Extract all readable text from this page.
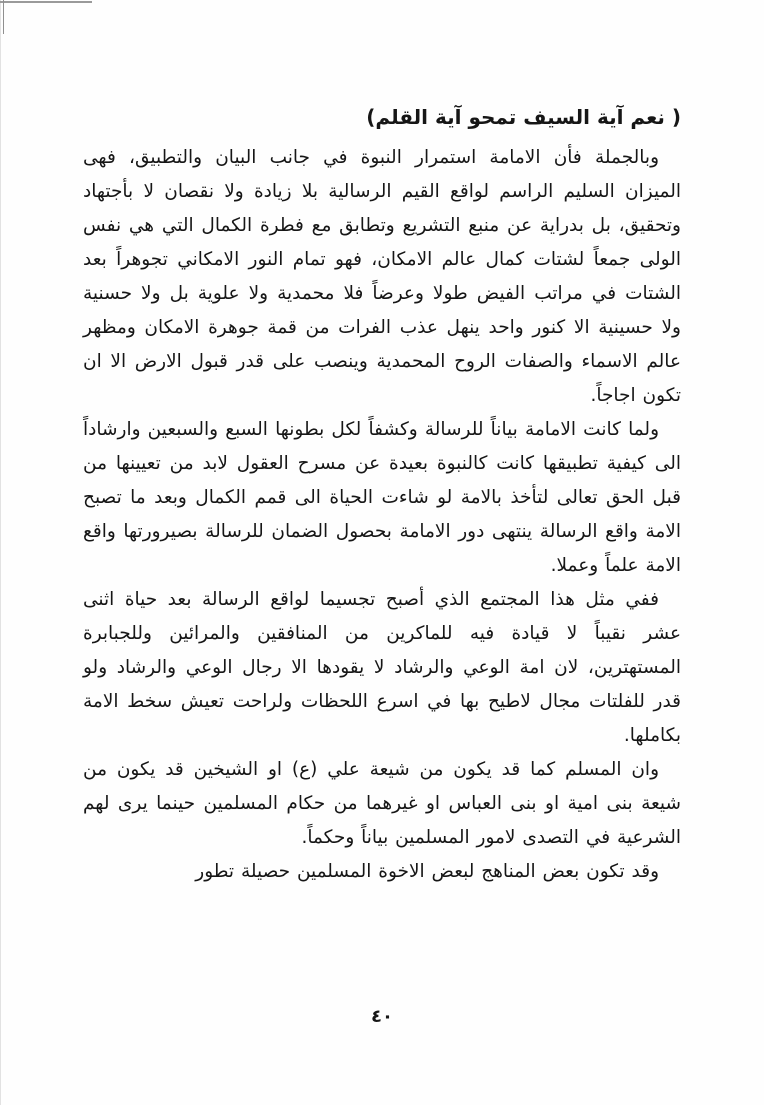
( نعم آية السيف تمحو آية القلم)

وبالجملة فأن الامامة استمرار النبوة في جانب البيان والتطبيق، فهى الميزان السليم الراسم لواقع القيم الرسالية بلا زيادة ولا نقصان لا بأجتهاد وتحقيق، بل بدراية عن منبع التشريع وتطابق مع فطرة الكمال التي هي نفس الولى جمعاً لشتات كمال عالم الامكان، فهو تمام النور الامكاني تجوهراً بعد الشتات في مراتب الفيض طولا وعرضاً فلا محمدية ولا علوية بل ولا حسنية ولا حسينية الا كنور واحد ينهل عذب الفرات من قمة جوهرة الامكان ومظهر عالم الاسماء والصفات الروح المحمدية وينصب على قدر قبول الارض الا ان تكون اجاجاً.

ولما كانت الامامة بياناً للرسالة وكشفاً لكل بطونها السبع والسبعين وارشاداً الى كيفية تطبيقها كانت كالنبوة بعيدة عن مسرح العقول لابد من تعيينها من قبل الحق تعالى لتأخذ بالامة لو شاءت الحياة الى قمم الكمال وبعد ما تصبح الامة واقع الرسالة ينتهى دور الامامة بحصول الضمان للرسالة بصيرورتها واقع الامة علماً وعملا.

ففي مثل هذا المجتمع الذي أصبح تجسيما لواقع الرسالة بعد حياة اثنى عشر نقيباً لا قيادة فيه للماكرين من المنافقين والمرائين وللجبابرة المستهترين، لان امة الوعي والرشاد لا يقودها الا رجال الوعي والرشاد ولو قدر للفلتات مجال لاطيح بها في اسرع اللحظات ولراحت تعيش سخط الامة بكاملها.

وان المسلم كما قد يكون من شيعة علي (ع) او الشيخين قد يكون من شيعة بنى امية او بنى العباس او غيرهما من حكام المسلمين حينما يرى لهم الشرعية في التصدى لامور المسلمين بياناً وحكماً.

وقد تكون بعض المناهج لبعض الاخوة المسلمين حصيلة تطور

٤٠
